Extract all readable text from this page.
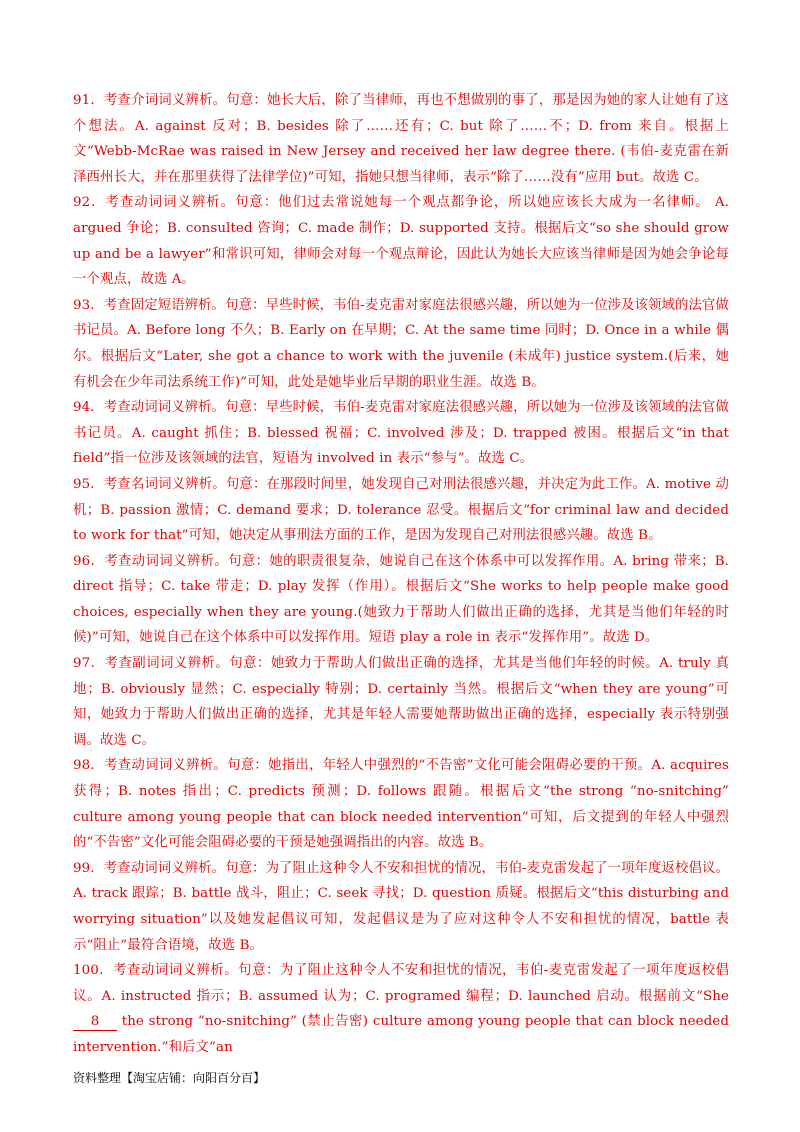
91．考查介词词义辨析。句意：她长大后，除了当律师，再也不想做别的事了，那是因为她的家人让她有了这个想法。A. against 反对；B. besides 除了……还有；C. but 除了……不；D. from 来自。根据上文“Webb-McRae was raised in New Jersey and received her law degree there. (韦伯-麦克雷在新泽西州长大，并在那里获得了法律学位)”可知，指她只想当律师，表示“除了……没有”应用 but。故选 C。

92．考查动词词义辨析。句意：他们过去常说她每一个观点都争论，所以她应该长大成为一名律师。 A. argued 争论；B. consulted 咨询；C. made 制作；D. supported 支持。根据后文“so she should grow up and be a lawyer”和常识可知，律师会对每一个观点辩论，因此认为她长大应该当律师是因为她会争论每一个观点，故选 A。

93．考查固定短语辨析。句意：早些时候，韦伯-麦克雷对家庭法很感兴趣，所以她为一位涉及该领域的法官做书记员。A. Before long 不久；B. Early on 在早期；C. At the same time 同时；D. Once in a while 偶尔。根据后文“Later, she got a chance to work with the juvenile (未成年) justice system.(后来，她有机会在少年司法系统工作)”可知，此处是她毕业后早期的职业生涯。故选 B。

94．考查动词词义辨析。句意：早些时候，韦伯-麦克雷对家庭法很感兴趣，所以她为一位涉及该领域的法官做书记员。A. caught 抓住；B. blessed 祝福；C. involved 涉及；D. trapped 被困。根据后文“in that field”指一位涉及该领域的法官，短语为 involved in 表示“参与”。故选 C。

95．考查名词词义辨析。句意：在那段时间里，她发现自己对刑法很感兴趣，并决定为此工作。A. motive 动机；B. passion 激情；C. demand 要求；D. tolerance 忍受。根据后文“for criminal law and decided to work for that”可知，她决定从事刑法方面的工作，是因为发现自己对刑法很感兴趣。故选 B。

96．考查动词词义辨析。句意：她的职责很复杂，她说自己在这个体系中可以发挥作用。A. bring 带来；B. direct 指导；C. take 带走；D. play 发挥（作用）。根据后文“She works to help people make good choices, especially when they are young.(她致力于帮助人们做出正确的选择，尤其是当他们年轻的时候)”可知，她说自己在这个体系中可以发挥作用。短语 play a role in 表示“发挥作用”。故选 D。

97．考查副词词义辨析。句意：她致力于帮助人们做出正确的选择，尤其是当他们年轻的时候。A. truly 真地；B. obviously 显然；C. especially 特别；D. certainly 当然。根据后文“when they are young”可知，她致力于帮助人们做出正确的选择，尤其是年轻人需要她帮助做出正确的选择，especially 表示特别强调。故选 C。

98．考查动词词义辨析。句意：她指出，年轻人中强烈的“不告密”文化可能会阻碍必要的干预。A. acquires 获得；B. notes 指出；C. predicts 预测；D. follows 跟随。根据后文“the strong “no-snitching” culture among young people that can block needed intervention”可知，后文提到的年轻人中强烈的“不告密”文化可能会阻碍必要的干预是她强调指出的内容。故选 B。

99．考查动词词义辨析。句意：为了阻止这种令人不安和担忧的情况，韦伯-麦克雷发起了一项年度返校倡议。A. track 跟踪；B. battle 战斗，阻止；C. seek 寻找；D. question 质疑。根据后文“this disturbing and worrying situation”以及她发起倡议可知，发起倡议是为了应对这种令人不安和担忧的情况，battle 表示“阻止”最符合语境，故选 B。

100．考查动词词义辨析。句意：为了阻止这种令人不安和担忧的情况，韦伯-麦克雷发起了一项年度返校倡议。A. instructed 指示；B. assumed 认为；C. programed 编程；D. launched 启动。根据前文“She 8 the strong “no-snitching” (禁止告密) culture among young people that can block needed intervention.”和后文“an

资料整理【淘宝店铺：向阳百分百】
